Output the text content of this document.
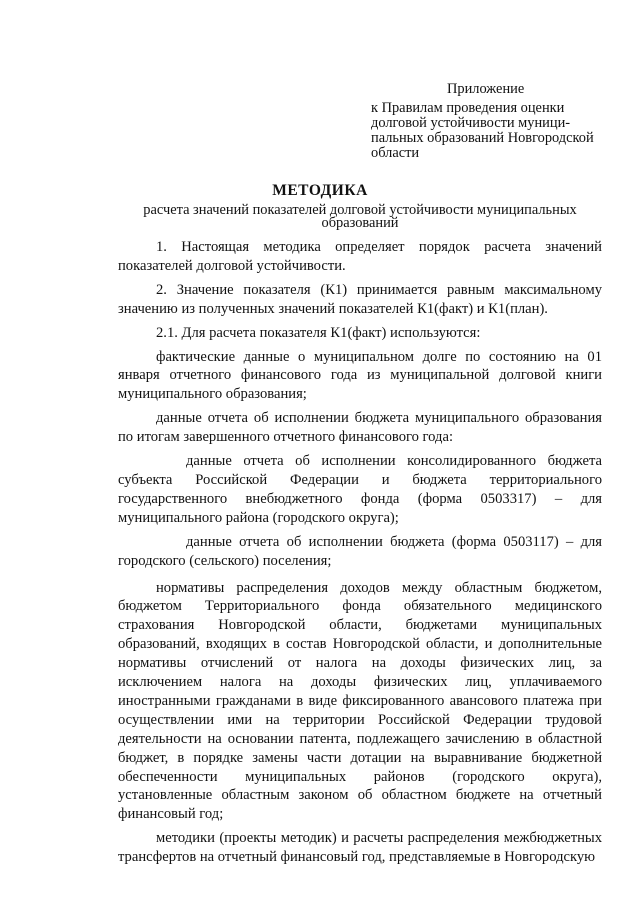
Приложение
к Правилам проведения оценки
долговой устойчивости муници-
пальных образований Новгородской
области
МЕТОДИКА
расчета значений показателей долговой устойчивости муниципальных образований

1. Настоящая методика определяет порядок расчета значений показателей долговой устойчивости.

2. Значение показателя (К1) принимается равным максимальному значению из полученных значений показателей К1(факт) и К1(план).

2.1. Для расчета показателя К1(факт) используются:

фактические данные о муниципальном долге по состоянию на 01 января отчетного финансового года из муниципальной долговой книги муниципального образования;

данные отчета об исполнении бюджета муниципального образования по итогам завершенного отчетного финансового года:

данные отчета об исполнении консолидированного бюджета субъекта Российской Федерации и бюджета территориального государственного внебюджетного фонда (форма 0503317) – для муниципального района (городского округа);

данные отчета об исполнении бюджета (форма 0503117) – для городского (сельского) поселения;

нормативы распределения доходов между областным бюджетом, бюджетом Территориального фонда обязательного медицинского страхования Новгородской области, бюджетами муниципальных образований, входящих в состав Новгородской области, и дополнительные нормативы отчислений от налога на доходы физических лиц, за исключением налога на доходы физических лиц, уплачиваемого иностранными гражданами в виде фиксированного авансового платежа при осуществлении ими на территории Российской Федерации трудовой деятельности на основании патента, подлежащего зачислению в областной бюджет, в порядке замены части дотации на выравнивание бюджетной обеспеченности муниципальных районов (городского округа), установленные областным законом об областном бюджете на отчетный финансовый год;

методики (проекты методик) и расчеты распределения межбюджетных трансфертов на отчетный финансовый год, представляемые в Новгородскую
